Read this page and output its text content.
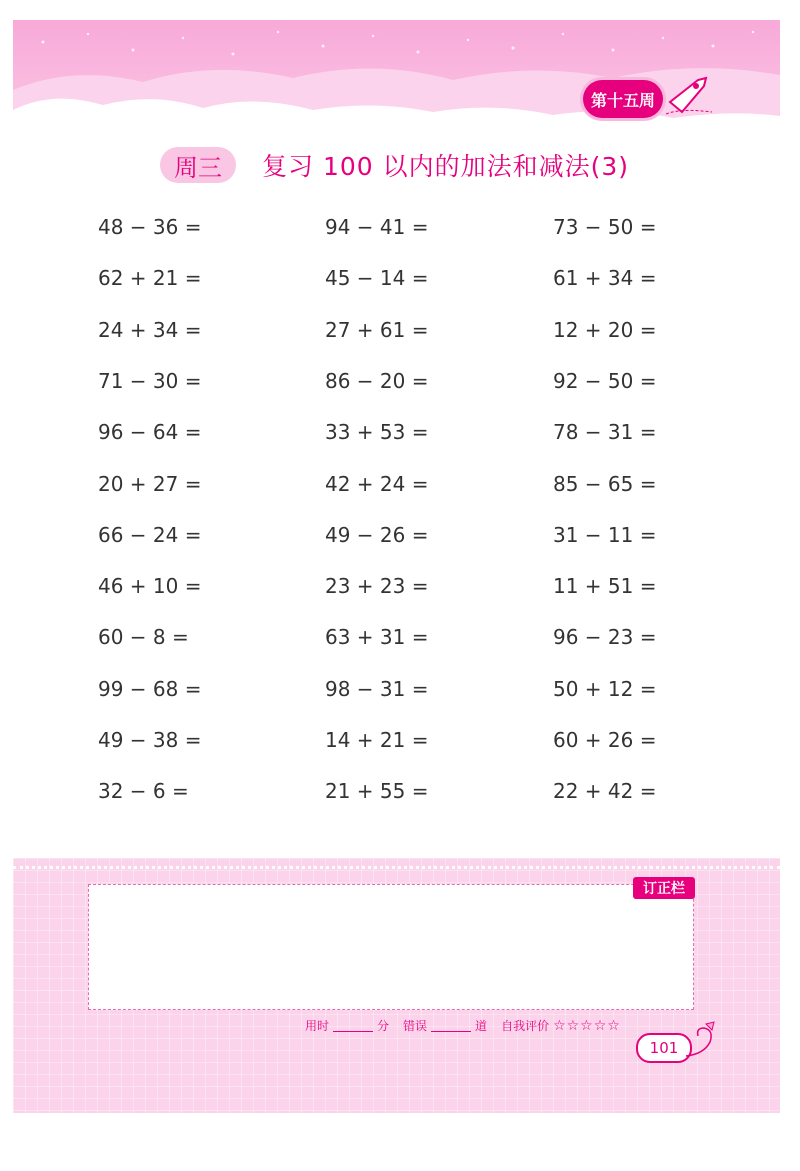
第十五周
周三	复习 100 以内的加法和减法(3)
48 − 36 =	94 − 41 =	73 − 50 =
62 + 21 =	45 − 14 =	61 + 34 =
24 + 34 =	27 + 61 =	12 + 20 =
71 − 30 =	86 − 20 =	92 − 50 =
96 − 64 =	33 + 53 =	78 − 31 =
20 + 27 =	42 + 24 =	85 − 65 =
66 − 24 =	49 − 26 =	31 − 11 =
46 + 10 =	23 + 23 =	11 + 51 =
60 − 8 =	63 + 31 =	96 − 23 =
99 − 68 =	98 − 31 =	50 + 12 =
49 − 38 =	14 + 21 =	60 + 26 =
32 − 6 =	21 + 55 =	22 + 42 =
订正栏
用时	分 错误	道 自我评价 ☆☆☆☆☆
101
